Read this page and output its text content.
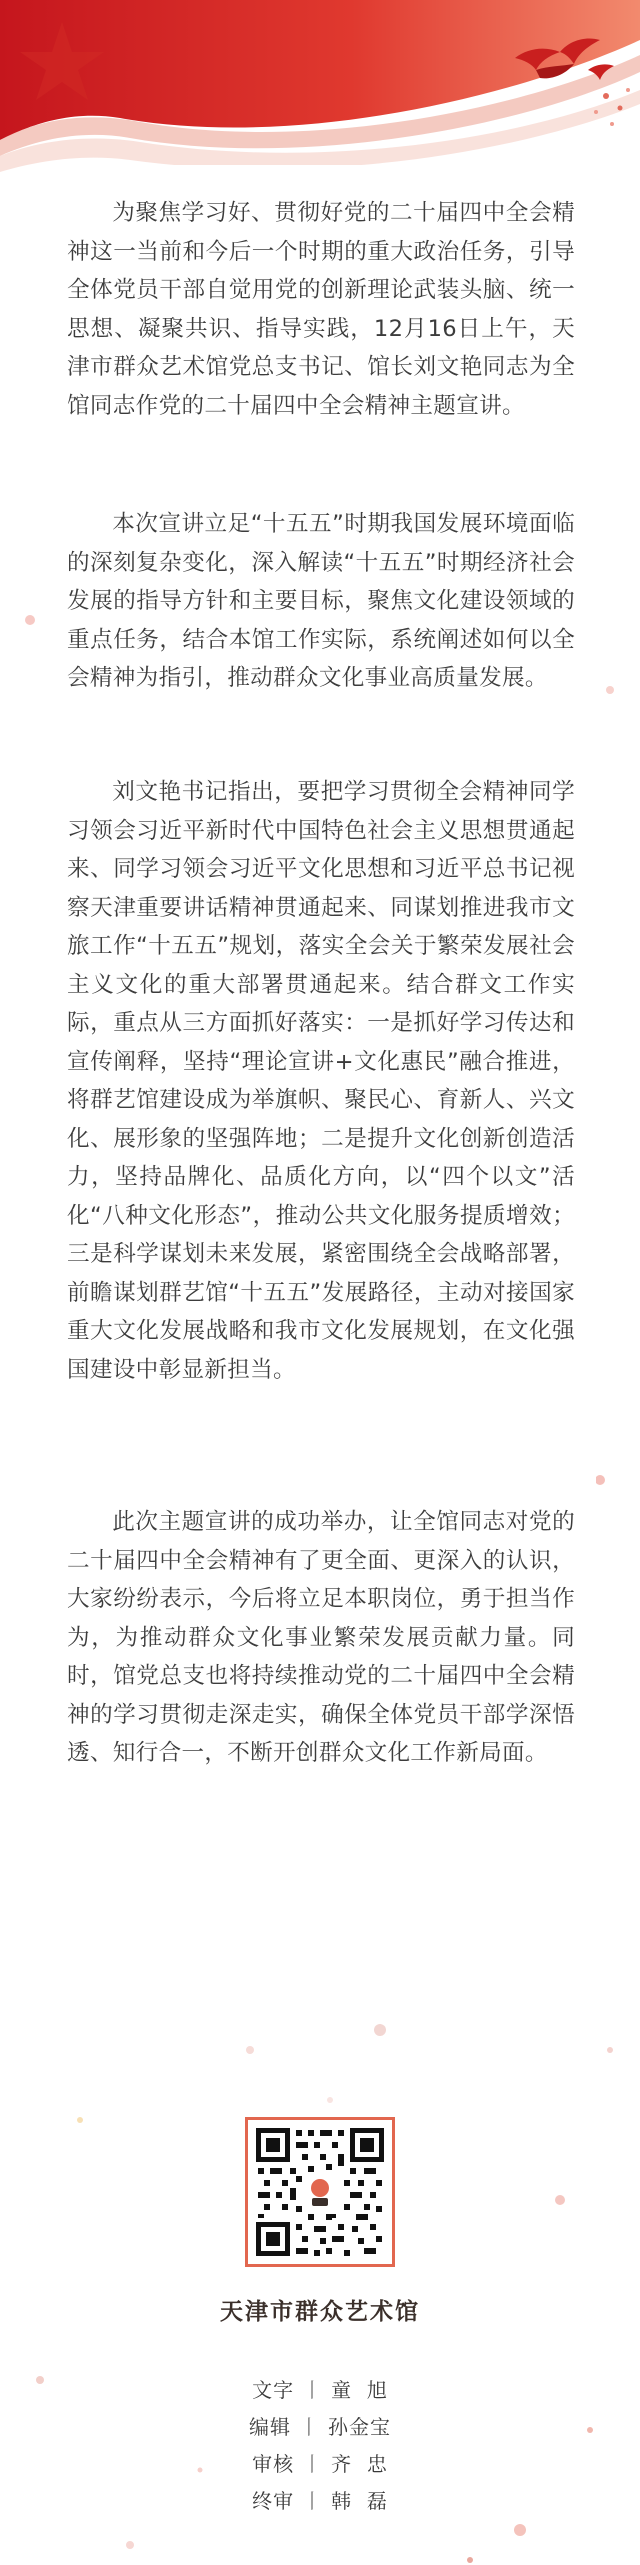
为聚焦学习好、贯彻好党的二十届四中全会精神这一当前和今后一个时期的重大政治任务，引导全体党员干部自觉用党的创新理论武装头脑、统一思想、凝聚共识、指导实践，12月16日上午，天津市群众艺术馆党总支书记、馆长刘文艳同志为全馆同志作党的二十届四中全会精神主题宣讲。

本次宣讲立足“十五五”时期我国发展环境面临的深刻复杂变化，深入解读“十五五”时期经济社会发展的指导方针和主要目标，聚焦文化建设领域的重点任务，结合本馆工作实际，系统阐述如何以全会精神为指引，推动群众文化事业高质量发展。

刘文艳书记指出，要把学习贯彻全会精神同学习领会习近平新时代中国特色社会主义思想贯通起来、同学习领会习近平文化思想和习近平总书记视察天津重要讲话精神贯通起来、同谋划推进我市文旅工作“十五五”规划，落实全会关于繁荣发展社会主义文化的重大部署贯通起来。结合群文工作实际，重点从三方面抓好落实：一是抓好学习传达和宣传阐释，坚持“理论宣讲+文化惠民”融合推进，将群艺馆建设成为举旗帜、聚民心、育新人、兴文化、展形象的坚强阵地；二是提升文化创新创造活力，坚持品牌化、品质化方向，以“四个以文”活化“八种文化形态”，推动公共文化服务提质增效；三是科学谋划未来发展，紧密围绕全会战略部署，前瞻谋划群艺馆“十五五”发展路径，主动对接国家重大文化发展战略和我市文化发展规划，在文化强国建设中彰显新担当。

此次主题宣讲的成功举办，让全馆同志对党的二十届四中全会精神有了更全面、更深入的认识，大家纷纷表示，今后将立足本职岗位，勇于担当作为，为推动群众文化事业繁荣发展贡献力量。同时，馆党总支也将持续推动党的二十届四中全会精神的学习贯彻走深走实，确保全体党员干部学深悟透、知行合一，不断开创群众文化工作新局面。

天津市群众艺术馆
文字 丨 童  旭
编辑 丨 孙金宝
审核 丨 齐  忠
终审 丨 韩  磊
